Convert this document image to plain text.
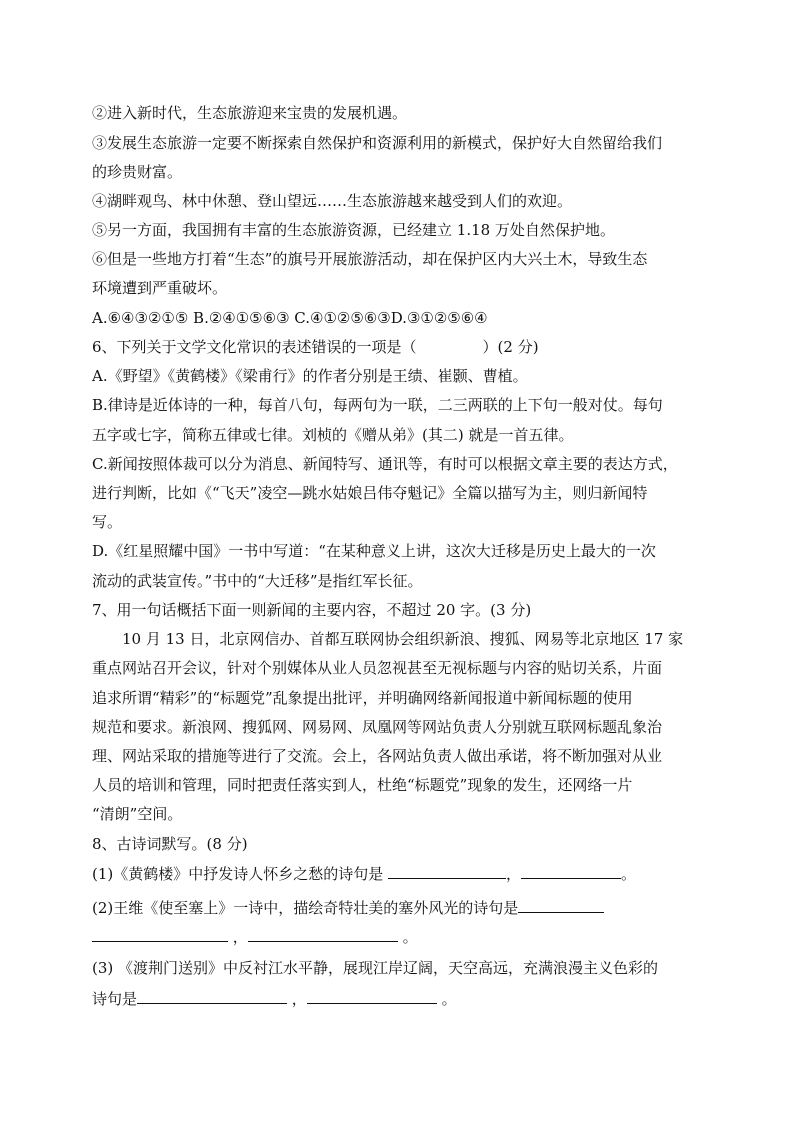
②进入新时代，生态旅游迎来宝贵的发展机遇。
③发展生态旅游一定要不断探索自然保护和资源利用的新模式，保护好大自然留给我们
的珍贵财富。
④湖畔观鸟、林中休憩、登山望远……生态旅游越来越受到人们的欢迎。
⑤另一方面，我国拥有丰富的生态旅游资源，已经建立 1.18 万处自然保护地。
⑥但是一些地方打着“生态”的旗号开展旅游活动，却在保护区内大兴土木，导致生态
环境遭到严重破坏。
A.⑥④③②①⑤ B.②④①⑤⑥③ C.④①②⑤⑥③D.③①②⑤⑥④
6、下列关于文学文化常识的表述错误的一项是（	）(2 分)
A.《野望》《黄鹤楼》《梁甫行》的作者分别是王绩、崔颢、曹植。
B.律诗是近体诗的一种，每首八句，每两句为一联，二三两联的上下句一般对仗。每句
五字或七字，简称五律或七律。刘桢的《赠从弟》(其二) 就是一首五律。
C.新闻按照体裁可以分为消息、新闻特写、通讯等，有时可以根据文章主要的表达方式，
进行判断，比如《“飞天”凌空—跳水姑娘吕伟夺魁记》全篇以描写为主，则归新闻特
写。
D.《红星照耀中国》一书中写道：“在某种意义上讲，这次大迁移是历史上最大的一次
流动的武装宣传。”书中的“大迁移”是指红军长征。
7、用一句话概括下面一则新闻的主要内容，不超过 20 字。(3 分)
10 月 13 日，北京网信办、首都互联网协会组织新浪、搜狐、网易等北京地区 17 家
重点网站召开会议，针对个别媒体从业人员忽视甚至无视标题与内容的贴切关系，片面
追求所谓“精彩”的“标题党”乱象提出批评，并明确网络新闻报道中新闻标题的使用
规范和要求。新浪网、搜狐网、网易网、凤凰网等网站负责人分别就互联网标题乱象治
理、网站采取的措施等进行了交流。会上，各网站负责人做出承诺，将不断加强对从业
人员的培训和管理，同时把责任落实到人，杜绝“标题党”现象的发生，还网络一片
“清朗”空间。
8、古诗词默写。(8 分)
(1)《黄鹤楼》中抒发诗人怀乡之愁的诗句是	，	。
(2)王维《使至塞上》一诗中，描绘奇特壮美的塞外风光的诗句是
，	。
(3) 《渡荆门送别》中反衬江水平静，展现江岸辽阔，天空高远，充满浪漫主义色彩的
诗句是	，	。
